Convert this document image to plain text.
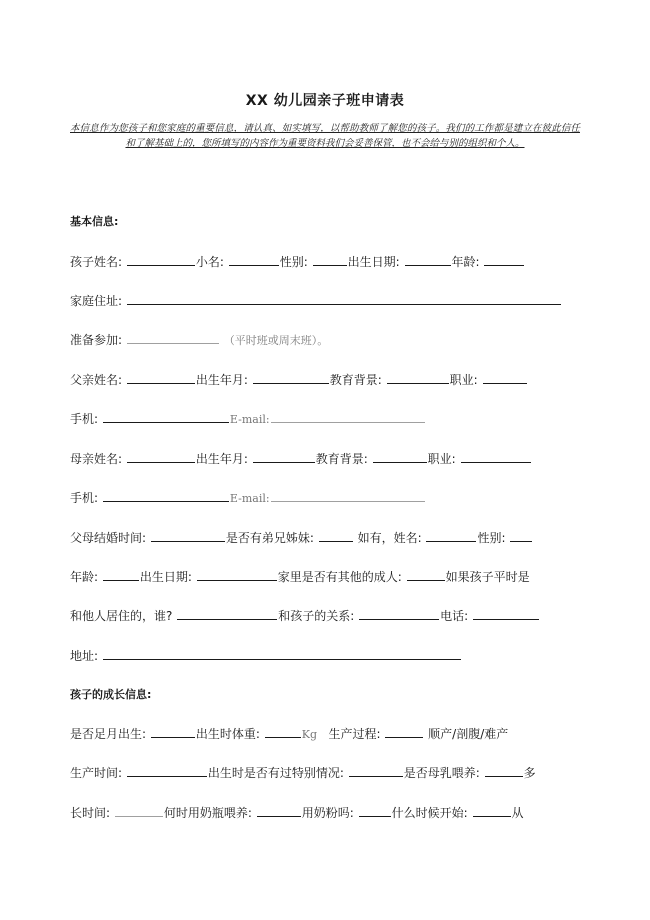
XX 幼儿园亲子班申请表
本信息作为您孩子和您家庭的重要信息，请认真、如实填写，以帮助教师了解您的孩子。我们的工作都是建立在彼此信任和了解基础上的，您所填写的内容作为重要资料我们会妥善保管，也不会给与别的组织和个人。
基本信息:
孩子姓名:	小名:	性别:	出生日期:	年龄:
家庭住址:
准备参加:	（平时班或周末班）。
父亲姓名:	出生年月:	教育背景:	职业:
手机:	E-mail:
母亲姓名:	出生年月:	教育背景:	职业:
手机:	E-mail:
父母结婚时间:	是否有弟兄姊妹:	如有，姓名:	性别:
年龄:	出生日期:	家里是否有其他的成人:	如果孩子平时是
和他人居住的，谁?	和孩子的关系:	电话:
地址:
孩子的成长信息:
是否足月出生:	出生时体重:	Kg 生产过程:	顺产/剖腹/难产
生产时间:	出生时是否有过特别情况:	是否母乳喂养:	多
长时间:	何时用奶瓶喂养:	用奶粉吗:	什么时候开始:	从
